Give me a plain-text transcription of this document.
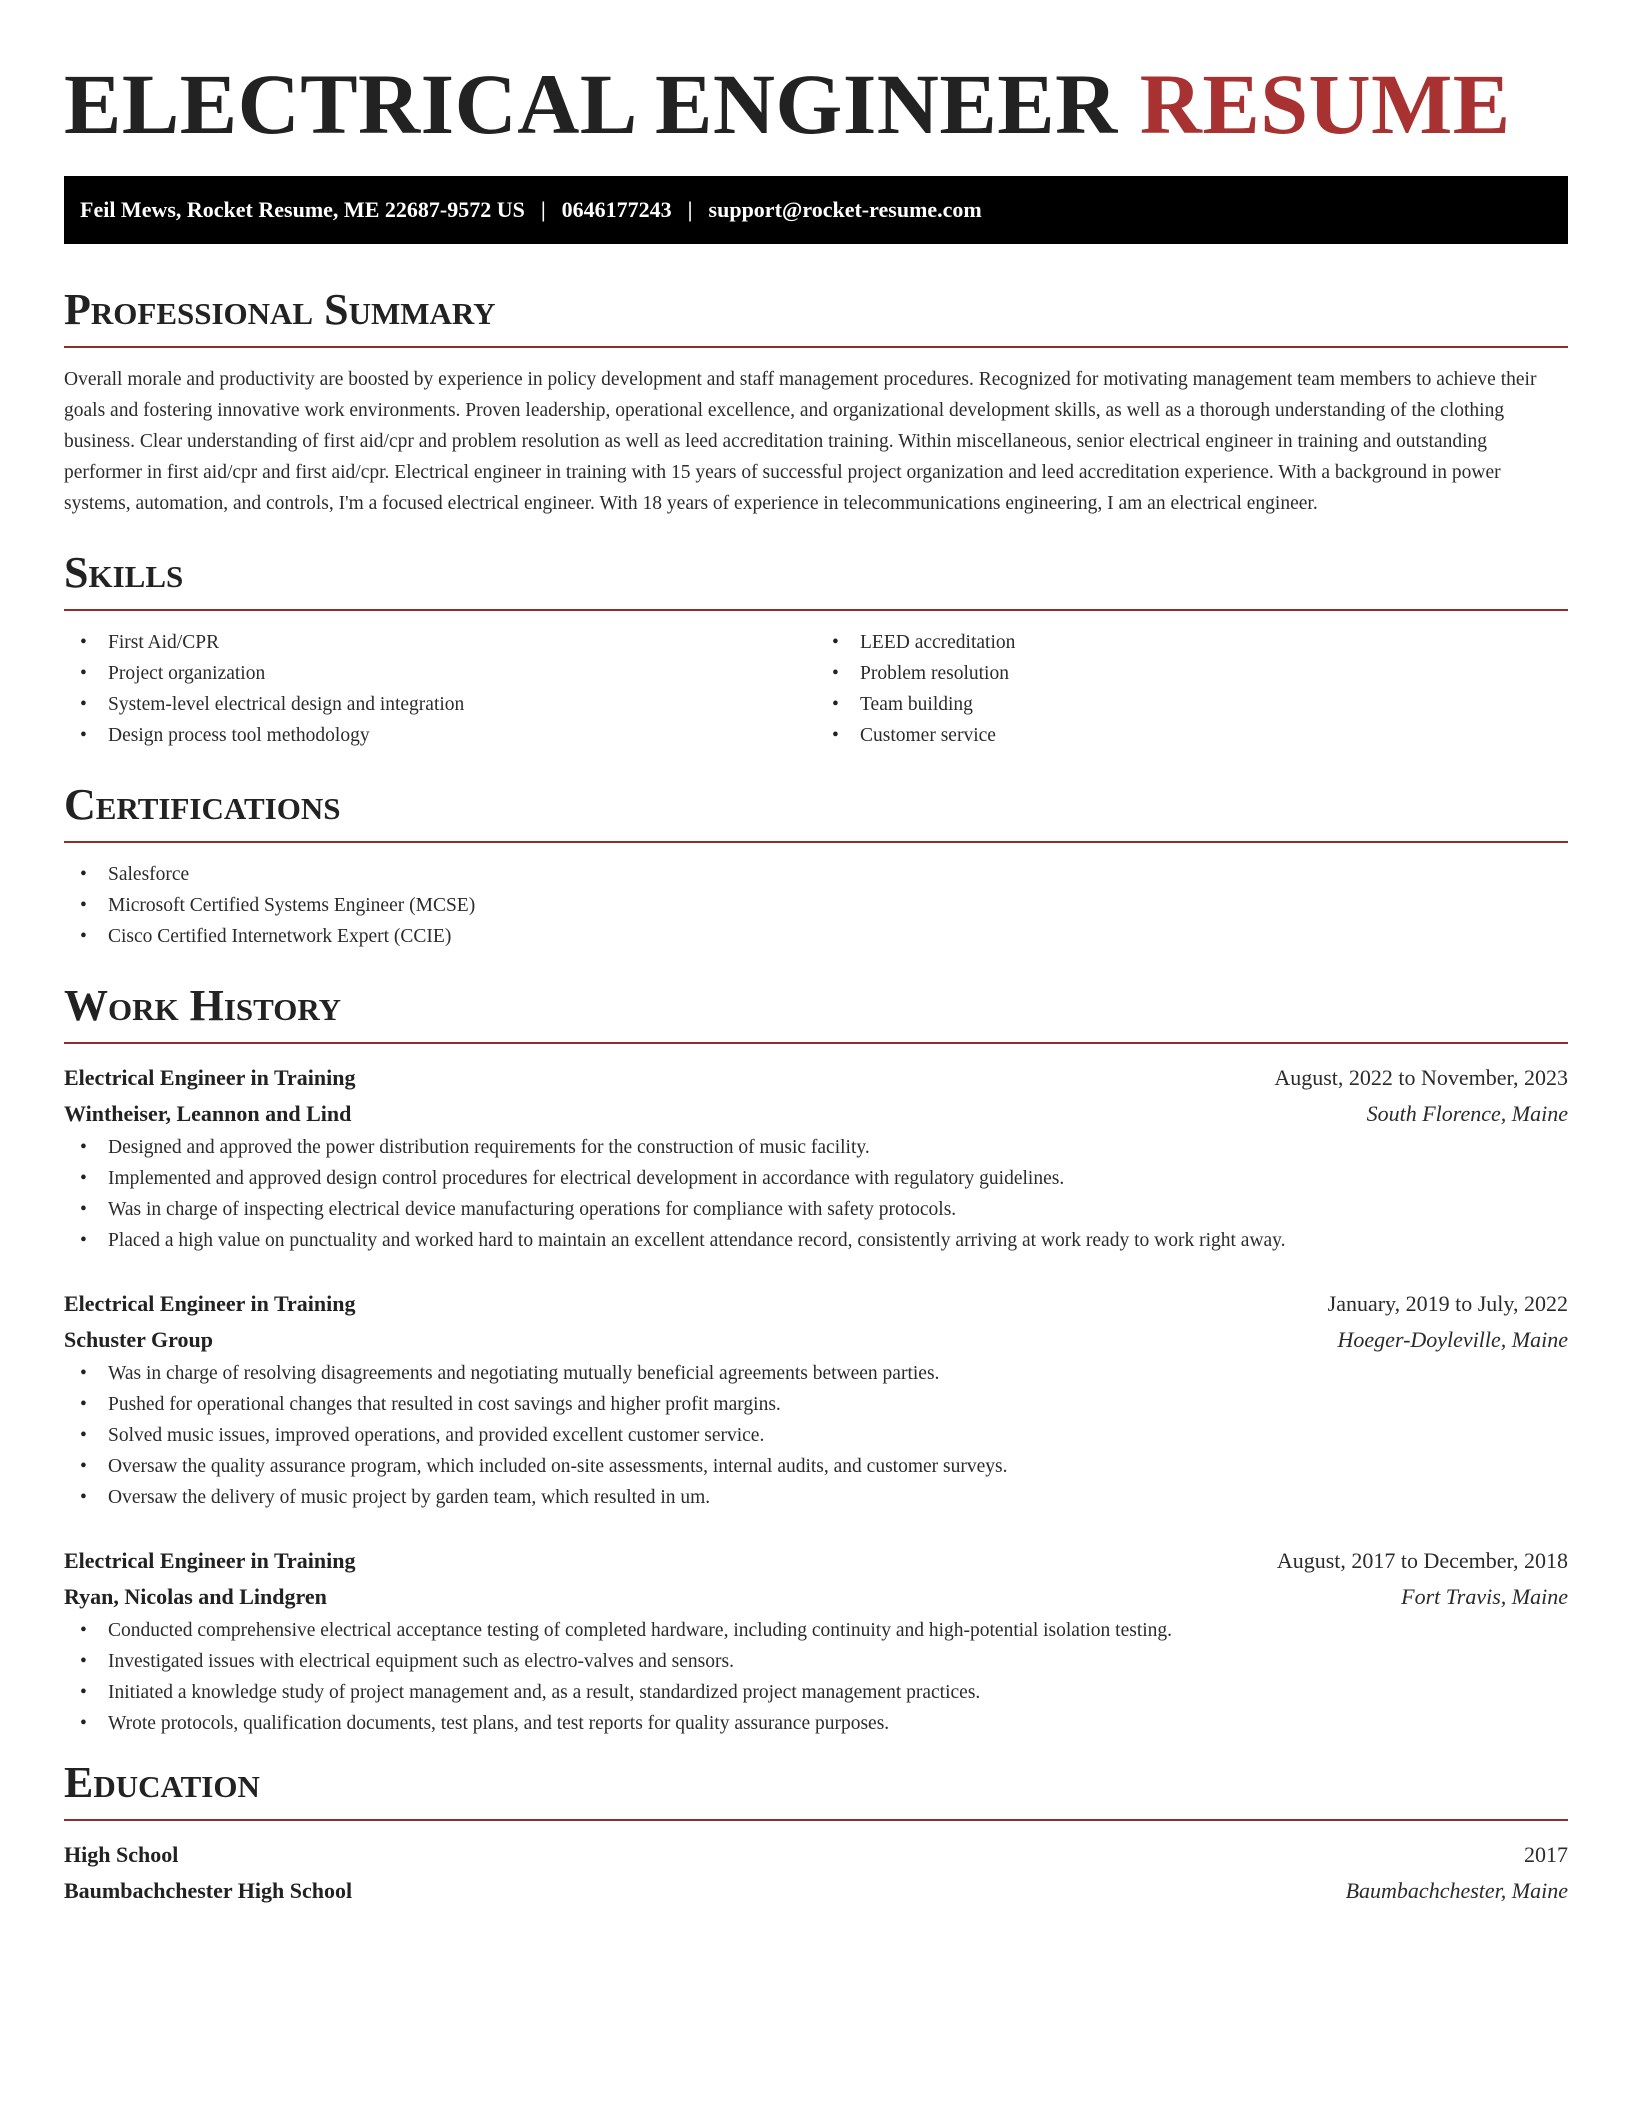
ELECTRICAL ENGINEER RESUME
Feil Mews, Rocket Resume, ME 22687-9572 US | 0646177243 | support@rocket-resume.com
Professional Summary

Overall morale and productivity are boosted by experience in policy development and staff management procedures. Recognized for motivating management team members to achieve their goals and fostering innovative work environments. Proven leadership, operational excellence, and organizational development skills, as well as a thorough understanding of the clothing business. Clear understanding of first aid/cpr and problem resolution as well as leed accreditation training. Within miscellaneous, senior electrical engineer in training and outstanding performer in first aid/cpr and first aid/cpr. Electrical engineer in training with 15 years of successful project organization and leed accreditation experience. With a background in power systems, automation, and controls, I'm a focused electrical engineer. With 18 years of experience in telecommunications engineering, I am an electrical engineer.

Skills
• First Aid/CPR
• Project organization
• System-level electrical design and integration
• Design process tool methodology
• LEED accreditation
• Problem resolution
• Team building
• Customer service
Certifications
• Salesforce
• Microsoft Certified Systems Engineer (MCSE)
• Cisco Certified Internetwork Expert (CCIE)
Work History
Electrical Engineer in Training	August, 2022 to November, 2023
Wintheiser, Leannon and Lind	South Florence, Maine
• Designed and approved the power distribution requirements for the construction of music facility.
• Implemented and approved design control procedures for electrical development in accordance with regulatory guidelines.
• Was in charge of inspecting electrical device manufacturing operations for compliance with safety protocols.
• Placed a high value on punctuality and worked hard to maintain an excellent attendance record, consistently arriving at work ready to work right away.
Electrical Engineer in Training	January, 2019 to July, 2022
Schuster Group	Hoeger-Doyleville, Maine
• Was in charge of resolving disagreements and negotiating mutually beneficial agreements between parties.
• Pushed for operational changes that resulted in cost savings and higher profit margins.
• Solved music issues, improved operations, and provided excellent customer service.
• Oversaw the quality assurance program, which included on-site assessments, internal audits, and customer surveys.
• Oversaw the delivery of music project by garden team, which resulted in um.
Electrical Engineer in Training	August, 2017 to December, 2018
Ryan, Nicolas and Lindgren	Fort Travis, Maine
• Conducted comprehensive electrical acceptance testing of completed hardware, including continuity and high-potential isolation testing.
• Investigated issues with electrical equipment such as electro-valves and sensors.
• Initiated a knowledge study of project management and, as a result, standardized project management practices.
• Wrote protocols, qualification documents, test plans, and test reports for quality assurance purposes.
Education
High School	2017
Baumbachchester High School	Baumbachchester, Maine
